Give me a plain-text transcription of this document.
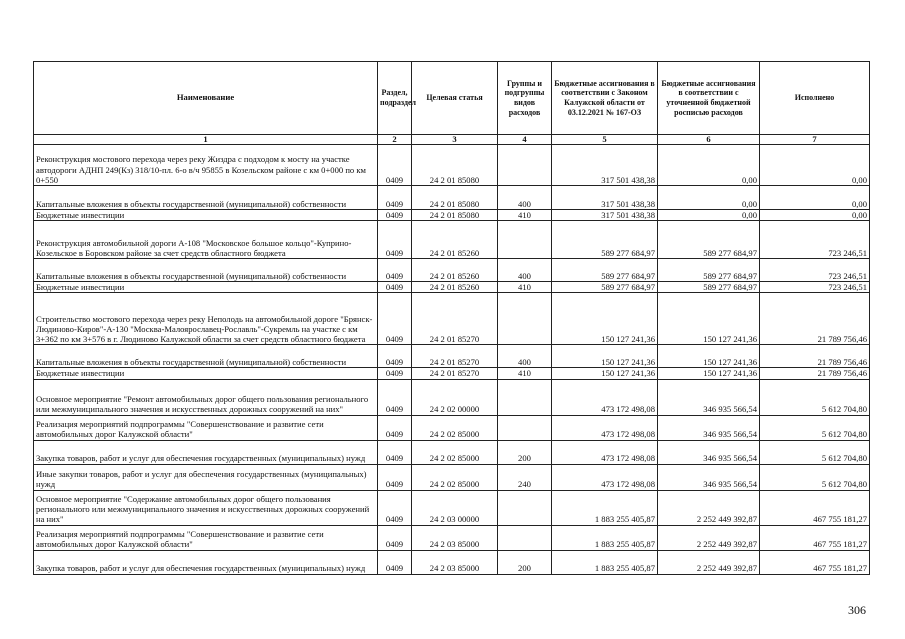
Наименование	Раздел, подраздел	Целевая статья	Группы и подгруппы видов расходов	Бюджетные ассигнования в соответствии с Законом Калужской области от 03.12.2021 № 167-ОЗ	Бюджетные ассигнования в соответствии с уточненной бюджетной росписью расходов	Исполнено
1	2	3	4	5	6	7
Реконструкция мостового перехода через реку Жиздра с подходом к мосту на участке автодороги АДНП 249(Кз) 318/10-пл. 6-о в/ч 95855 в Козельском районе с км 0+000 по км 0+550	0409	24 2 01 85080		317 501 438,38	0,00	0,00
Капитальные вложения в объекты государственной (муниципальной) собственности	0409	24 2 01 85080	400	317 501 438,38	0,00	0,00
Бюджетные инвестиции	0409	24 2 01 85080	410	317 501 438,38	0,00	0,00
Реконструкция автомобильной дороги А-108 "Московское большое кольцо"-Куприно-Козельское в Боровском районе за счет средств областного бюджета	0409	24 2 01 85260		589 277 684,97	589 277 684,97	723 246,51
Капитальные вложения в объекты государственной (муниципальной) собственности	0409	24 2 01 85260	400	589 277 684,97	589 277 684,97	723 246,51
Бюджетные инвестиции	0409	24 2 01 85260	410	589 277 684,97	589 277 684,97	723 246,51
Строительство мостового перехода через реку Неполодь на автомобильной дороге "Брянск-Людиново-Киров"-А-130 "Москва-Малоярославец-Рославль"-Сукремль на участке с км 3+362 по км 3+576 в г. Людиново Калужской области за счет средств областного бюджета	0409	24 2 01 85270		150 127 241,36	150 127 241,36	21 789 756,46
Капитальные вложения в объекты государственной (муниципальной) собственности	0409	24 2 01 85270	400	150 127 241,36	150 127 241,36	21 789 756,46
Бюджетные инвестиции	0409	24 2 01 85270	410	150 127 241,36	150 127 241,36	21 789 756,46
Основное мероприятие "Ремонт автомобильных дорог общего пользования регионального или межмуниципального значения и искусственных дорожных сооружений на них"	0409	24 2 02 00000		473 172 498,08	346 935 566,54	5 612 704,80
Реализация мероприятий подпрограммы "Совершенствование и развитие сети автомобильных дорог Калужской области"	0409	24 2 02 85000		473 172 498,08	346 935 566,54	5 612 704,80
Закупка товаров, работ и услуг для обеспечения государственных (муниципальных) нужд	0409	24 2 02 85000	200	473 172 498,08	346 935 566,54	5 612 704,80
Иные закупки товаров, работ и услуг для обеспечения государственных (муниципальных) нужд	0409	24 2 02 85000	240	473 172 498,08	346 935 566,54	5 612 704,80
Основное мероприятие "Содержание автомобильных дорог общего пользования регионального или межмуниципального значения и искусственных дорожных сооружений на них"	0409	24 2 03 00000		1 883 255 405,87	2 252 449 392,87	467 755 181,27
Реализация мероприятий подпрограммы "Совершенствование и развитие сети автомобильных дорог Калужской области"	0409	24 2 03 85000		1 883 255 405,87	2 252 449 392,87	467 755 181,27
Закупка товаров, работ и услуг для обеспечения государственных (муниципальных) нужд	0409	24 2 03 85000	200	1 883 255 405,87	2 252 449 392,87	467 755 181,27
306
